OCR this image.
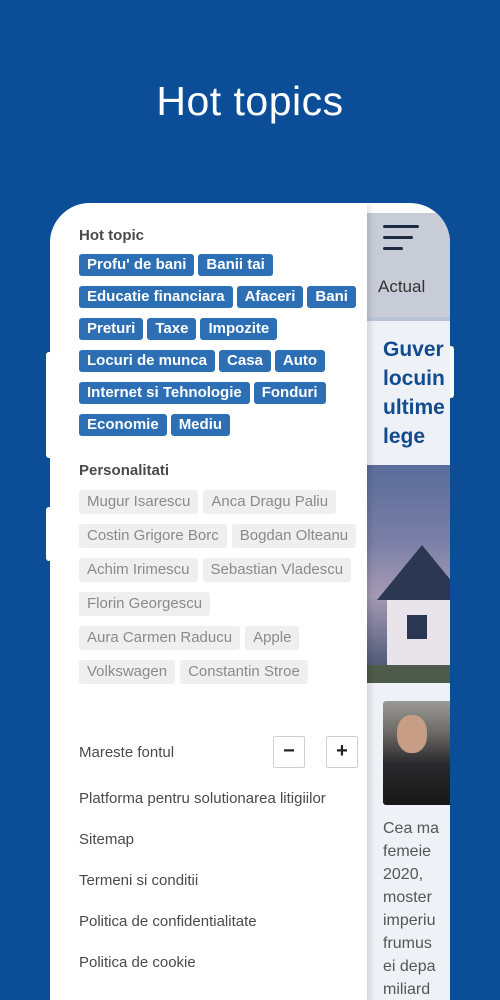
Hot topics
Actual
Guver
locuin
ultime
lege
Cea ma
femeie
2020,
moster
imperiu
frumus
ei depa
miliard
Hot topic
Profu' de bani	Banii tai
Educatie financiara	Afaceri	Bani
Preturi	Taxe	Impozite
Locuri de munca	Casa	Auto
Internet si Tehnologie	Fonduri
Economie	Mediu
Personalitati
Mugur Isarescu	Anca Dragu Paliu
Costin Grigore Borc	Bogdan Olteanu
Achim Irimescu	Sebastian Vladescu
Florin Georgescu
Aura Carmen Raducu	Apple
Volkswagen	Constantin Stroe
Mareste fontul	−	+
Platforma pentru solutionarea litigiilor
Sitemap
Termeni si conditii
Politica de confidentialitate
Politica de cookie
